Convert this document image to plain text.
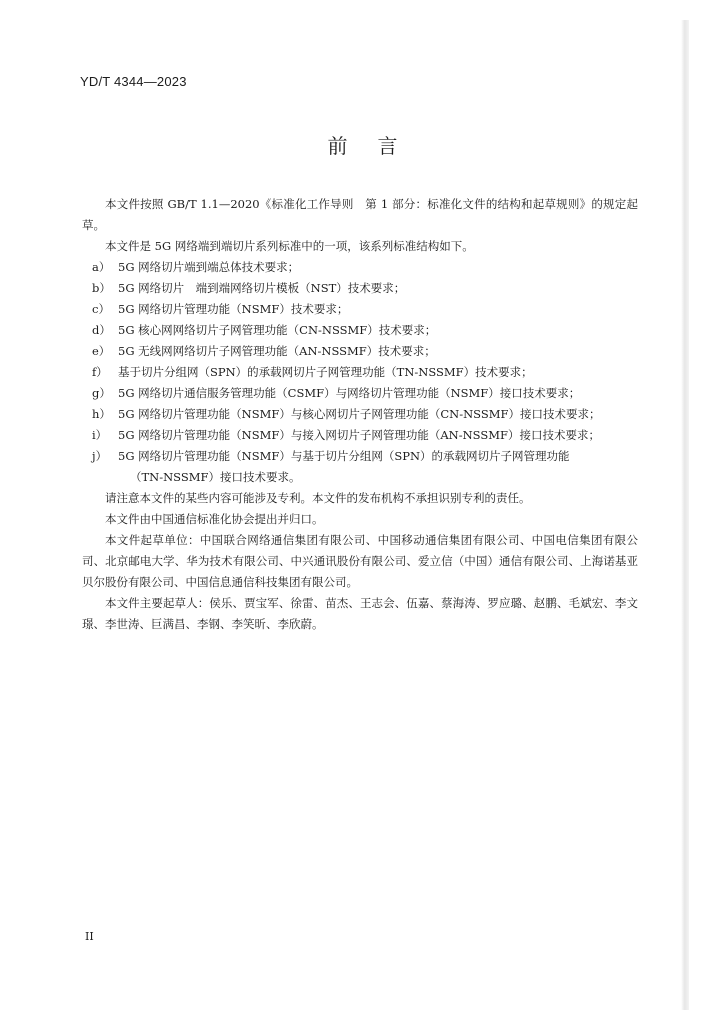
YD/T 4344—2023
前言

本文件按照 GB/T 1.1—2020《标准化工作导则　第 1 部分：标准化文件的结构和起草规则》的规定起草。

本文件是 5G 网络端到端切片系列标准中的一项，该系列标准结构如下。

a） 5G 网络切片端到端总体技术要求；
b） 5G 网络切片　端到端网络切片模板（NST）技术要求；
c） 5G 网络切片管理功能（NSMF）技术要求；
d） 5G 核心网网络切片子网管理功能（CN-NSSMF）技术要求；
e） 5G 无线网网络切片子网管理功能（AN-NSSMF）技术要求；
f） 基于切片分组网（SPN）的承载网切片子网管理功能（TN-NSSMF）技术要求；
g） 5G 网络切片通信服务管理功能（CSMF）与网络切片管理功能（NSMF）接口技术要求；
h） 5G 网络切片管理功能（NSMF）与核心网切片子网管理功能（CN-NSSMF）接口技术要求；
i） 5G 网络切片管理功能（NSMF）与接入网切片子网管理功能（AN-NSSMF）接口技术要求；
j） 5G 网络切片管理功能（NSMF）与基于切片分组网（SPN）的承载网切片子网管理功能

（TN-NSSMF）接口技术要求。

请注意本文件的某些内容可能涉及专利。本文件的发布机构不承担识别专利的责任。

本文件由中国通信标准化协会提出并归口。

本文件起草单位：中国联合网络通信集团有限公司、中国移动通信集团有限公司、中国电信集团有限公司、北京邮电大学、华为技术有限公司、中兴通讯股份有限公司、爱立信（中国）通信有限公司、上海诺基亚贝尔股份有限公司、中国信息通信科技集团有限公司。

本文件主要起草人：侯乐、贾宝军、徐雷、苗杰、王志会、伍嘉、蔡海涛、罗应璐、赵鹏、毛斌宏、李文璟、李世涛、巨满昌、李钢、李笑昕、李欣蔚。

II
